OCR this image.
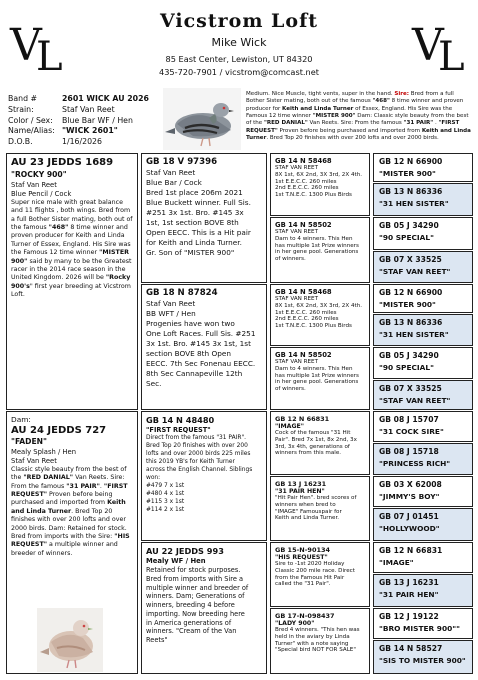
V
L	V
L
Vicstrom Loft
Mike Wick
85 East Center, Lewiston, UT 84320
435-720-7901 / vicstrom@comcast.net
Band #	2601 WICK AU 2026
Strain:	Staf Van Reet
Color / Sex: Blue Bar WF / Hen
Name/Alias: "WICK 2601"
D.O.B.	1/16/2026
Medium. Nice Muscle, tight vents, super in the hand. Sire: Bred from a full Bother Sister mating, both out of the famous "468" 8 time winner and proven producer for Keith and Linda Turner of Essex, England. His Sire was the Famous 12 time winner "MISTER 900" Dam: Classic style beauty from the best of the "RED DANIAL" Van Reets. Sire: From the famous "31 PAIR" . "FIRST REQUEST" Proven before being purchased and imported from Keith and Linda Turner. Bred Top 20 finishes with over 200 lofts and over 2000 birds.
AU 23 JEDDS 1689
"ROCKY 900"
Staf Van Reet
Blue Pencil / Cock
Super nice male with great balance and 11 flights , both wings. Bred from a full Bother Sister mating, both out of the famous "468" 8 time winner and proven producer for Keith and Linda Turner of Essex, England. His Sire was the Famous 12 time winner "MISTER 900" said by many to be the Greatest racer in the 2014 race season in the United Kingdom. 2026 will be "Rocky 900's" first year breeding at Vicstrom Loft.
Dam:
AU 24 JEDDS 727
"FADEN"
Mealy Splash / Hen
Staf Van Reet
Classic style beauty from the best of the "RED DANIAL" Van Reets. Sire: From the famous "31 PAIR". "FIRST REQUEST" Proven before being purchased and imported from Keith and Linda Turner. Bred Top 20 finishes with over 200 lofts and over 2000 birds. Dam: Retained for stock. Bred from imports with the Sire: "HIS REQUEST" a multiple winner and breeder of winners.
GB 18 V 97396
Staf Van Reet
Blue Bar / Cock
Bred 1st place 206m 2021
Blue Buckett winner. Full Sis.
#251 3x 1st. Bro. #145 3x
1st, 1st section BOVE 8th
Open EECC. This is a Hit pair
for Keith and Linda Turner.
Gr. Son of "MISTER 900"
GB 18 N 87824
Staf Van Reet
BB WFT / Hen
Progenies have won two
One Loft Races. Full Sis. #251
3x 1st. Bro. #145 3x 1st, 1st
section BOVE 8th Open
EECC. 7th Sec Fonenau EECC.
8th Sec Cannapeville 12th
Sec.
GB 14 N 48480
"FIRST REQUEST"
Direct from the famous "31 PAIR".
Bred Top 20 finishes with over 200
lofts and over 2000 birds 225 miles
this 2019 YB's for Keith Turner
across the English Channel. Siblings
won:
#479 7 x 1st
#480 4 x 1st
#115 3 x 1st
#114 2 x 1st
AU 22 JEDDS 993
Mealy WF / Hen
Retained for stock purposes.
Bred from imports with Sire a
multiple winner and breeder of
winners. Dam; Generations of
winners, breeding 4 before
importing. Now breeding here
in America generations of
winners. "Cream of the Van
Reets"
GB 14 N 58468
STAF VAN REET
8X 1st, 6X 2nd, 3X 3rd, 2X 4th.
1st E.E.C.C. 260 miles
2nd E.E.C.C. 260 miles
1st T.N.E.C. 1300 Plus Birds
GB 14 N 58502
STAF VAN REET
Dam to 4 winners. This Hen
has multiple 1st Prize winners
in her gene pool. Generations
of winners.
GB 14 N 58468
STAF VAN REET
8X 1st, 6X 2nd, 3X 3rd, 2X 4th.
1st E.E.C.C. 260 miles
2nd E.E.C.C. 260 miles
1st T.N.E.C. 1300 Plus Birds
GB 14 N 58502
STAF VAN REET
Dam to 4 winners. This Hen
has multiple 1st Prize winners
in her gene pool. Generations
of winners.
GB 12 N 66831
"IMAGE"
Cock of the famous "31 Hit
Pair". Bred 7x 1st, 8x 2nd, 3x
3rd, 3x 4th, generations of
winners from this male.
GB 13 J 16231
"31 PAIR HEN"
"Hit Pair Hen". bred scores of
winners when bred to
"IMAGE" Famouspair for
Keith and Linda Turner.
GB 15-N-90134
"HIS REQUEST"
Sire to -1st 2020 Holiday
Classic 200 mile race. Direct
from the Famous Hit Pair
called the "31 Pair".
GB 17-N-098437
"LADY 900"
Bred 4 winners. "This hen was
held in the aviary by Linda
Turner" with a note saying
"Special bird NOT FOR SALE"
GB 12 N 66900
"MISTER 900"
GB 13 N 86336
"31 HEN SISTER"
GB 05 J 34290
"90 SPECIAL"
GB 07 X 33525
"STAF VAN REET"
GB 12 N 66900
"MISTER 900"
GB 13 N 86336
"31 HEN SISTER"
GB 05 J 34290
"90 SPECIAL"
GB 07 X 33525
"STAF VAN REET"
GB 08 J 15707
"31 COCK SIRE"
GB 08 J 15718
"PRINCESS RICH"
GB 03 X 62008
"JIMMY'S BOY"
GB 07 J 01451
"HOLLYWOOD"
GB 12 N 66831
"IMAGE"
GB 13 J 16231
"31 PAIR HEN"
GB 12 J 19122
"BRO MISTER 900""
GB 14 N 58527
"SIS TO MISTER 900"
